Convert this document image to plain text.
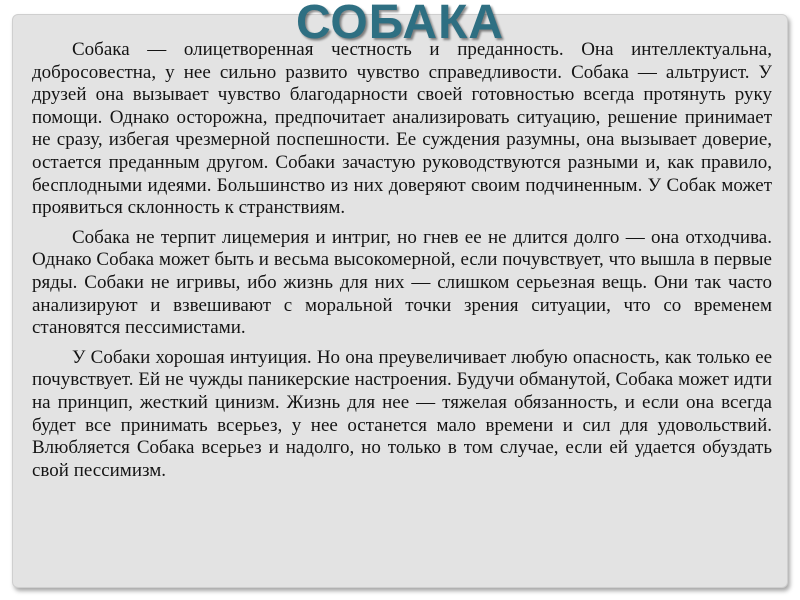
СОБАКА

Собака — олицетворенная честность и преданность. Она интеллектуальна, добросовестна, у нее сильно развито чувство справедливости. Собака — альтруист. У друзей она вызывает чувство благодарности своей готовностью всегда протянуть руку помощи. Однако осторожна, предпочитает анализировать ситуацию, решение принимает не сразу, избегая чрезмерной поспешности. Ее суждения разумны, она вызывает доверие, остается преданным другом. Собаки зачастую руководствуются разными и, как правило, бесплодными идеями. Большинство из них доверяют своим подчиненным. У Собак может проявиться склонность к странствиям.

Собака не терпит лицемерия и интриг, но гнев ее не длится долго — она отходчива. Однако Собака может быть и весьма высокомерной, если почувствует, что вышла в первые ряды. Собаки не игривы, ибо жизнь для них — слишком серьезная вещь. Они так часто анализируют и взвешивают с моральной точки зрения ситуации, что со временем становятся пессимистами.

У Собаки хорошая интуиция. Но она преувеличивает любую опасность, как только ее почувствует. Ей не чужды паникерские настроения. Будучи обманутой, Собака может идти на принцип, жесткий цинизм. Жизнь для нее — тяжелая обязанность, и если она всегда будет все принимать всерьез, у нее останется мало времени и сил для удовольствий. Влюбляется Собака всерьез и надолго, но только в том случае, если ей удается обуздать свой пессимизм.
